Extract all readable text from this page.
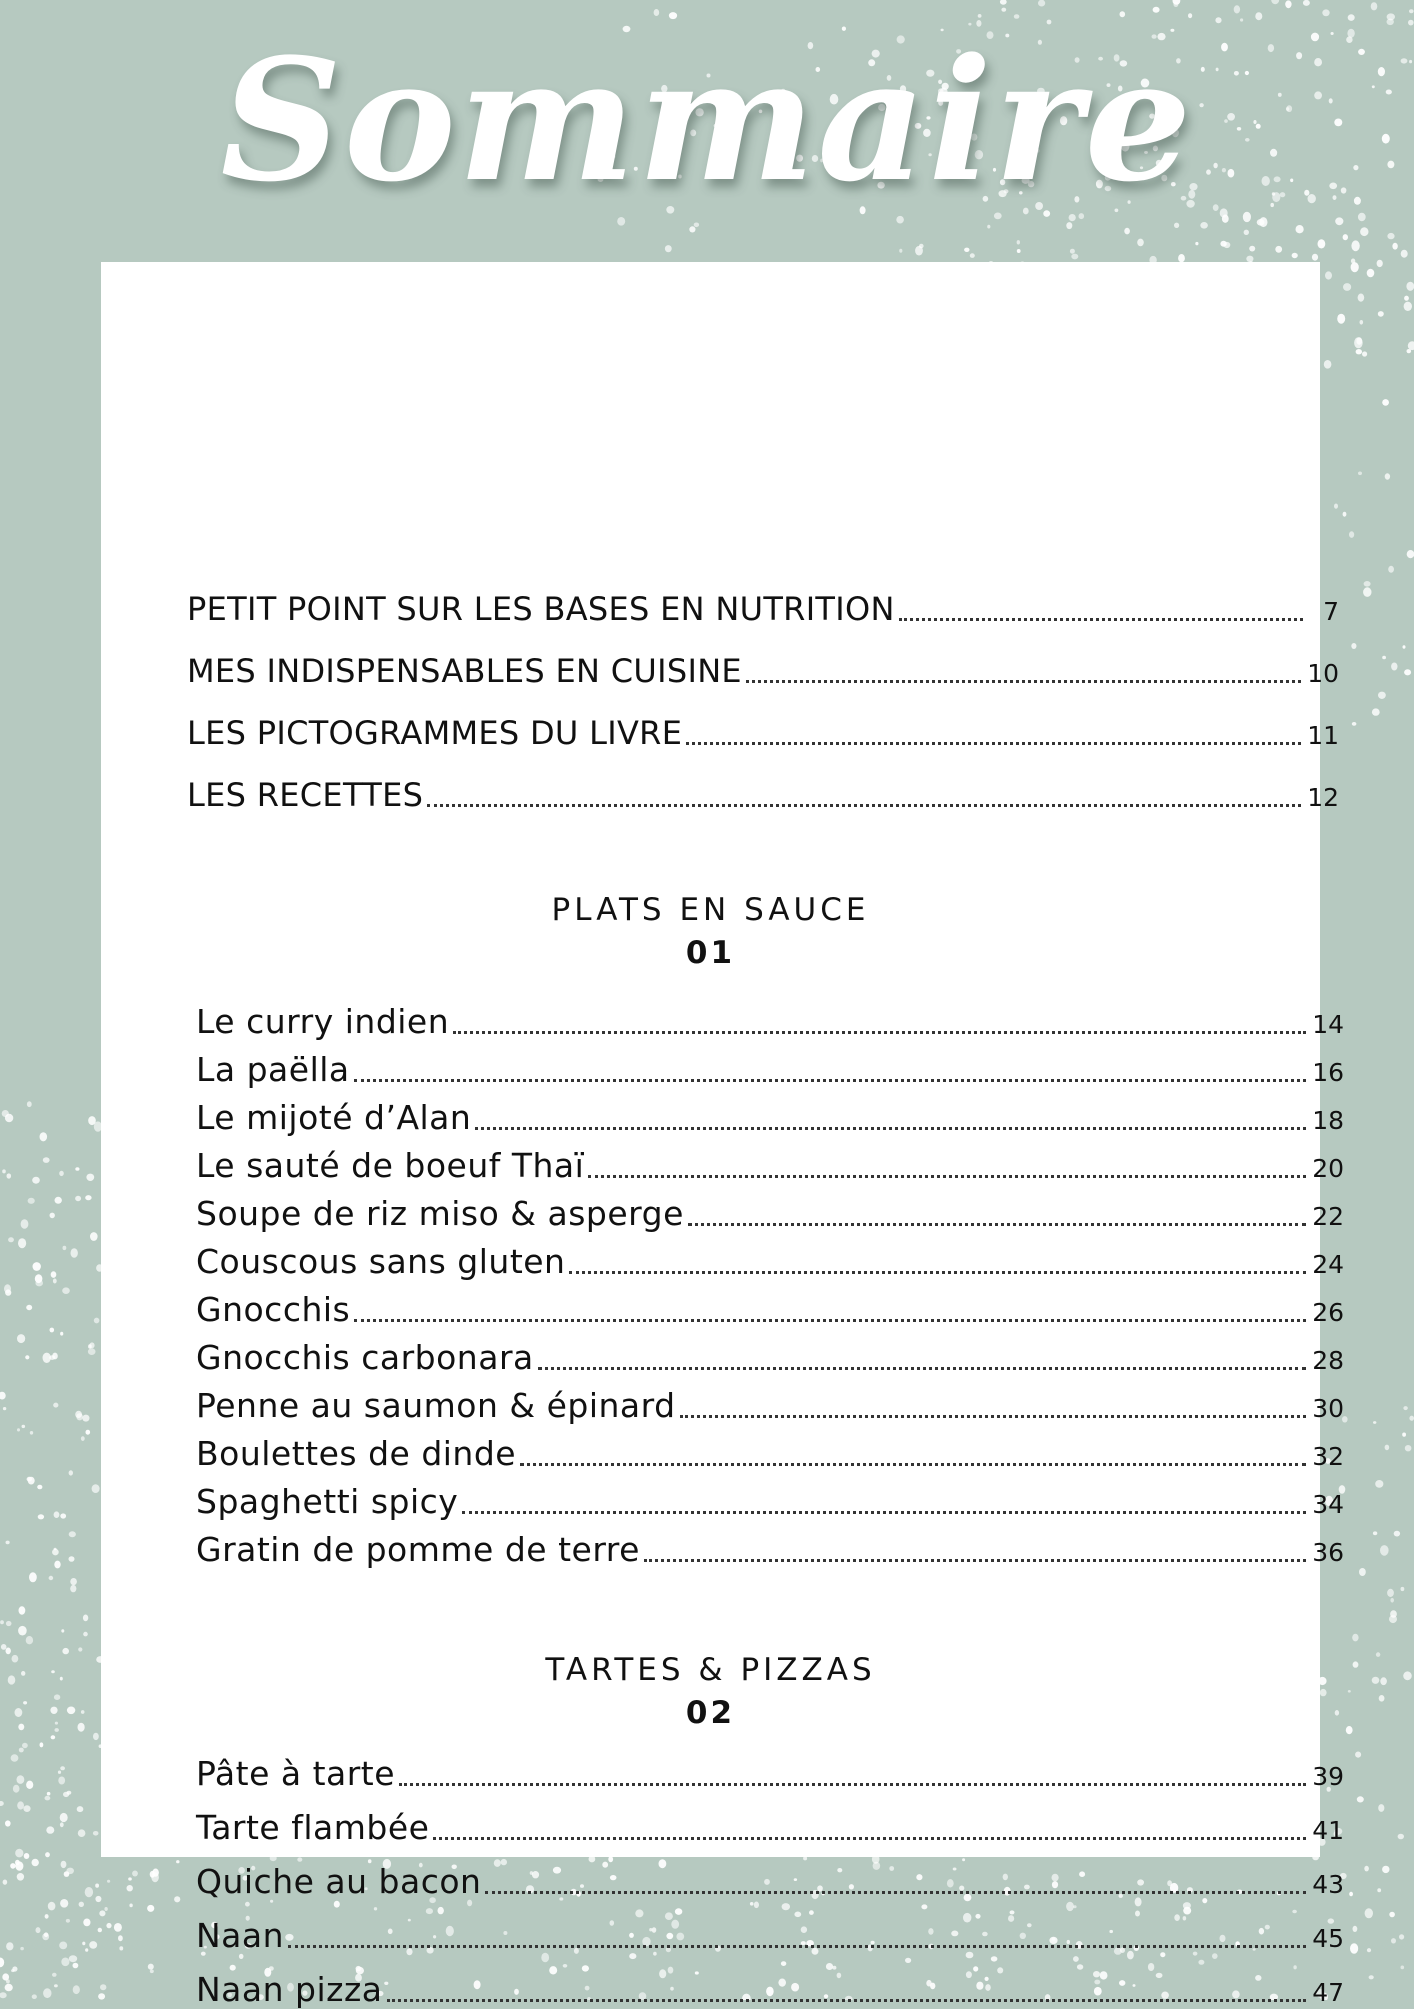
Sommaire
PETIT POINT SUR LES BASES EN NUTRITION	7
MES INDISPENSABLES EN CUISINE	10
LES PICTOGRAMMES DU LIVRE	11
LES RECETTES	12
PLATS EN SAUCE
01
Le curry indien	14
La paëlla	16
Le mijoté d’Alan	18
Le sauté de boeuf Thaï	20
Soupe de riz miso & asperge	22
Couscous sans gluten	24
Gnocchis	26
Gnocchis carbonara	28
Penne au saumon & épinard	30
Boulettes de dinde	32
Spaghetti spicy	34
Gratin de pomme de terre	36
TARTES & PIZZAS
02
Pâte à tarte	39
Tarte flambée	41
Quiche au bacon	43
Naan	45
Naan pizza	47
